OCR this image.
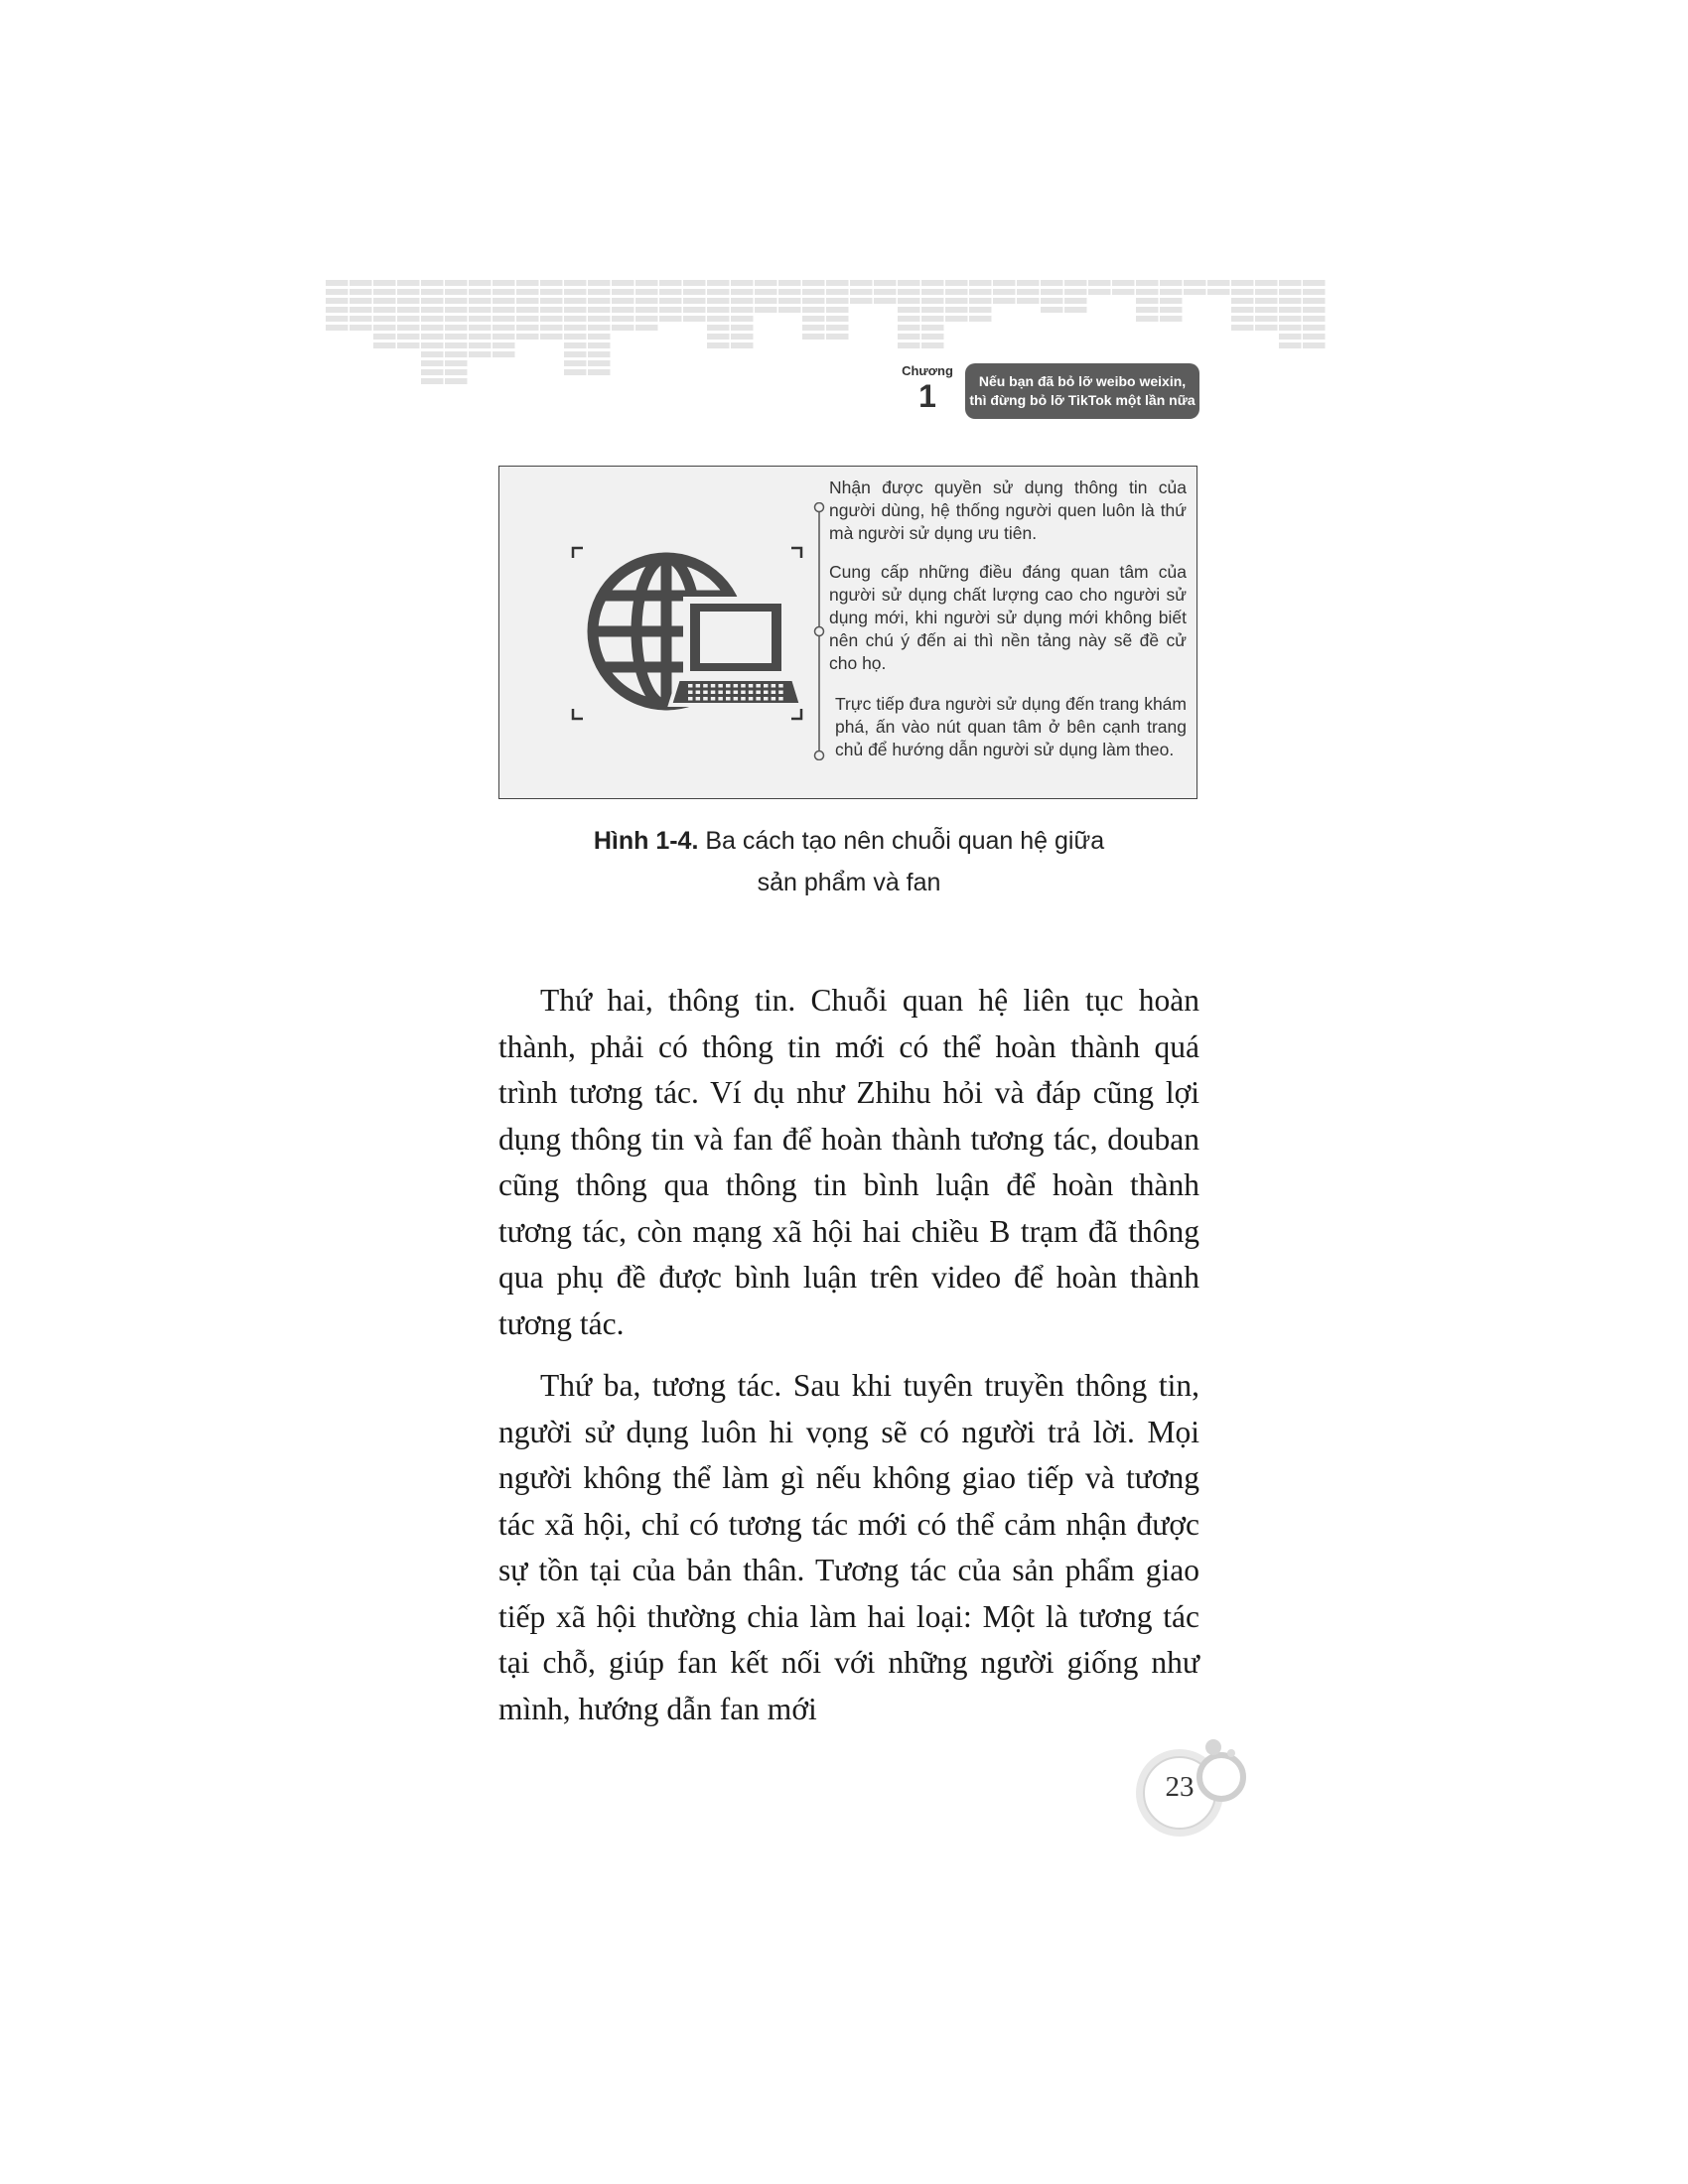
Chương
1	Nếu bạn đã bỏ lỡ weibo weixin,
thì đừng bỏ lỡ TikTok một lần nữa
Nhận được quyền sử dụng thông tin của người dùng, hệ thống người quen luôn là thứ mà người sử dụng ưu tiên.
Cung cấp những điều đáng quan tâm của người sử dụng chất lượng cao cho người sử dụng mới, khi người sử dụng mới không biết nên chú ý đến ai thì nền tảng này sẽ đề cử cho họ.
Trực tiếp đưa người sử dụng đến trang khám phá, ấn vào nút quan tâm ở bên cạnh trang chủ để hướng dẫn người sử dụng làm theo.
Hình 1-4. Ba cách tạo nên chuỗi quan hệ giữa
sản phẩm và fan

Thứ hai, thông tin. Chuỗi quan hệ liên tục hoàn thành, phải có thông tin mới có thể hoàn thành quá trình tương tác. Ví dụ như Zhihu hỏi và đáp cũng lợi dụng thông tin và fan để hoàn thành tương tác, douban cũng thông qua thông tin bình luận để hoàn thành tương tác, còn mạng xã hội hai chiều B trạm đã thông qua phụ đề được bình luận trên video để hoàn thành tương tác.

Thứ ba, tương tác. Sau khi tuyên truyền thông tin, người sử dụng luôn hi vọng sẽ có người trả lời. Mọi người không thể làm gì nếu không giao tiếp và tương tác xã hội, chỉ có tương tác mới có thể cảm nhận được sự tồn tại của bản thân. Tương tác của sản phẩm giao tiếp xã hội thường chia làm hai loại: Một là tương tác tại chỗ, giúp fan kết nối với những người giống như mình, hướng dẫn fan mới

23
